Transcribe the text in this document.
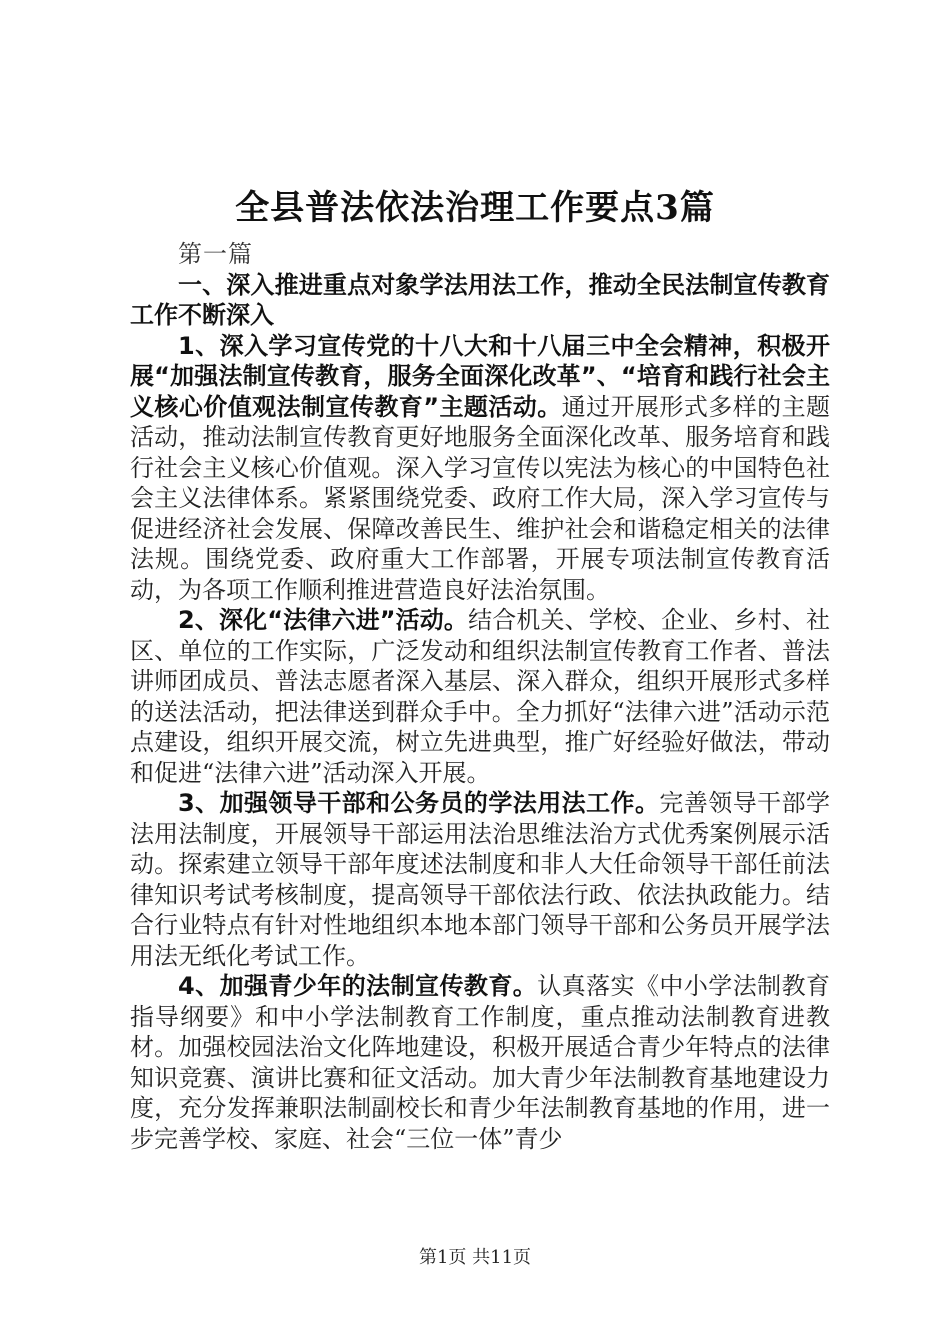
全县普法依法治理工作要点3篇

第一篇

一、深入推进重点对象学法用法工作，推动全民法制宣传教育工作不断深入

1、深入学习宣传党的十八大和十八届三中全会精神，积极开展“加强法制宣传教育，服务全面深化改革”、“培育和践行社会主义核心价值观法制宣传教育”主题活动。通过开展形式多样的主题活动，推动法制宣传教育更好地服务全面深化改革、服务培育和践行社会主义核心价值观。深入学习宣传以宪法为核心的中国特色社会主义法律体系。紧紧围绕党委、政府工作大局，深入学习宣传与促进经济社会发展、保障改善民生、维护社会和谐稳定相关的法律法规。围绕党委、政府重大工作部署，开展专项法制宣传教育活动，为各项工作顺利推进营造良好法治氛围。

2、深化“法律六进”活动。结合机关、学校、企业、乡村、社区、单位的工作实际，广泛发动和组织法制宣传教育工作者、普法讲师团成员、普法志愿者深入基层、深入群众，组织开展形式多样的送法活动，把法律送到群众手中。全力抓好“法律六进”活动示范点建设，组织开展交流，树立先进典型，推广好经验好做法，带动和促进“法律六进”活动深入开展。

3、加强领导干部和公务员的学法用法工作。完善领导干部学法用法制度，开展领导干部运用法治思维法治方式优秀案例展示活动。探索建立领导干部年度述法制度和非人大任命领导干部任前法律知识考试考核制度，提高领导干部依法行政、依法执政能力。结合行业特点有针对性地组织本地本部门领导干部和公务员开展学法用法无纸化考试工作。

4、加强青少年的法制宣传教育。认真落实《中小学法制教育指导纲要》和中小学法制教育工作制度，重点推动法制教育进教材。加强校园法治文化阵地建设，积极开展适合青少年特点的法律知识竞赛、演讲比赛和征文活动。加大青少年法制教育基地建设力度，充分发挥兼职法制副校长和青少年法制教育基地的作用，进一步完善学校、家庭、社会“三位一体”青少

第1页 共11页
